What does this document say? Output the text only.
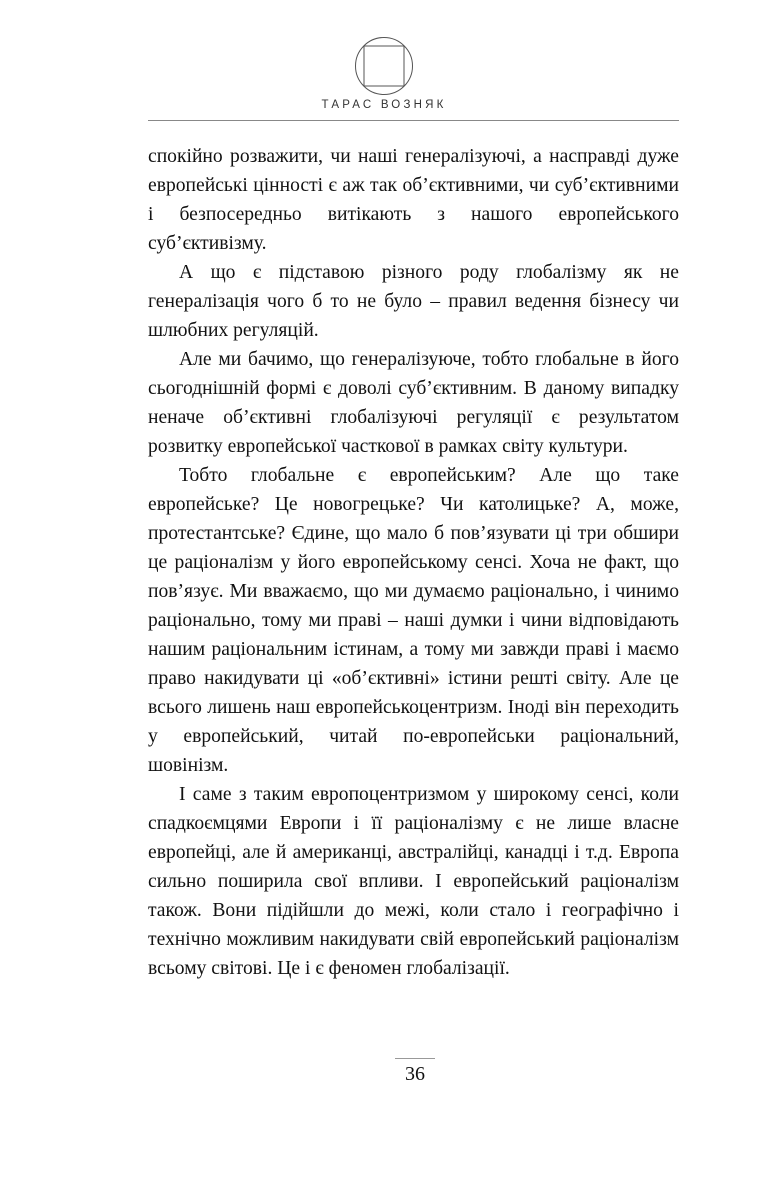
ТАРАС ВОЗНЯК

спокійно розважити, чи наші генералізуючі, а насправді дуже европейські цінності є аж так об’єктивними, чи суб’єктивними і безпосередньо витікають з нашого европейського суб’єктивізму.

А що є підставою різного роду глобалізму як не генералізація чого б то не було – правил ведення бізнесу чи шлюбних регуляцій.

Але ми бачимо, що генералізуюче, тобто глобальне в його сьогоднішній формі є доволі суб’єктивним. В даному випадку неначе об’єктивні глобалізуючі регуляції є результатом розвитку европейської часткової в рамках світу культури.

Тобто глобальне є европейським? Але що таке европейське? Це новогрецьке? Чи католицьке? А, може, протестантське? Єдине, що мало б пов’язувати ці три обшири це раціоналізм у його европейському сенсі. Хоча не факт, що пов’язує. Ми вважаємо, що ми думаємо раціонально, і чинимо раціонально, тому ми праві – наші думки і чини відповідають нашим раціональним істинам, а тому ми завжди праві і маємо право накидувати ці «об’єктивні» істини решті світу. Але це всього лишень наш европейськоцентризм. Іноді він переходить у европейський, читай по-европейськи раціональний, шовінізм.

І саме з таким европоцентризмом у широкому сенсі, коли спадкоємцями Европи і її раціоналізму є не лише власне европейці, але й американці, австралійці, канадці і т.д. Европа сильно поширила свої впливи. І европейський раціоналізм також. Вони підійшли до межі, коли стало і географічно і технічно можливим накидувати свій европейський раціоналізм всьому світові. Це і є феномен глобалізації.

36
